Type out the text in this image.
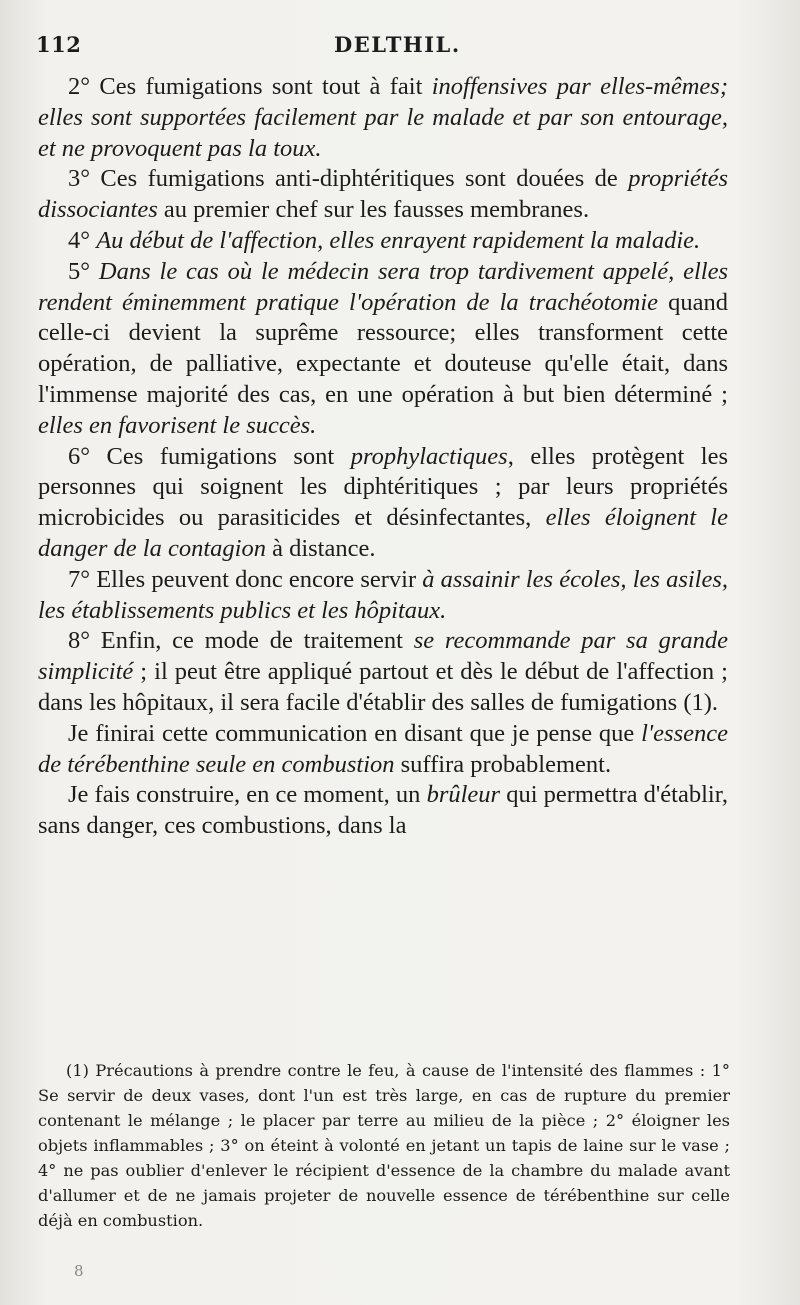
112	DELTHIL.

2° Ces fumigations sont tout à fait inoffensives par elles-mêmes; elles sont supportées facilement par le malade et par son entourage, et ne provoquent pas la toux.

3° Ces fumigations anti-diphtéritiques sont douées de propriétés dissociantes au premier chef sur les fausses membranes.

4° Au début de l'affection, elles enrayent rapidement la maladie.

5° Dans le cas où le médecin sera trop tardivement appelé, elles rendent éminemment pratique l'opération de la trachéotomie quand celle-ci devient la suprême ressource; elles transforment cette opération, de palliative, expectante et douteuse qu'elle était, dans l'immense majorité des cas, en une opération à but bien déterminé ; elles en favorisent le succès.

6° Ces fumigations sont prophylactiques, elles protègent les personnes qui soignent les diphtéritiques ; par leurs propriétés microbicides ou parasiticides et désinfectantes, elles éloignent le danger de la contagion à distance.

7° Elles peuvent donc encore servir à assainir les écoles, les asiles, les établissements publics et les hôpitaux.

8° Enfin, ce mode de traitement se recommande par sa grande simplicité ; il peut être appliqué partout et dès le début de l'affection ; dans les hôpitaux, il sera facile d'établir des salles de fumigations (1).

Je finirai cette communication en disant que je pense que l'essence de térébenthine seule en combustion suffira probablement.

Je fais construire, en ce moment, un brûleur qui permettra d'établir, sans danger, ces combustions, dans la

(1) Précautions à prendre contre le feu, à cause de l'intensité des flammes : 1° Se servir de deux vases, dont l'un est très large, en cas de rupture du premier contenant le mélange ; le placer par terre au milieu de la pièce ; 2° éloigner les objets inflammables ; 3° on éteint à volonté en jetant un tapis de laine sur le vase ; 4° ne pas oublier d'enlever le récipient d'essence de la chambre du malade avant d'allumer et de ne jamais projeter de nouvelle essence de térébenthine sur celle déjà en combustion.
8
